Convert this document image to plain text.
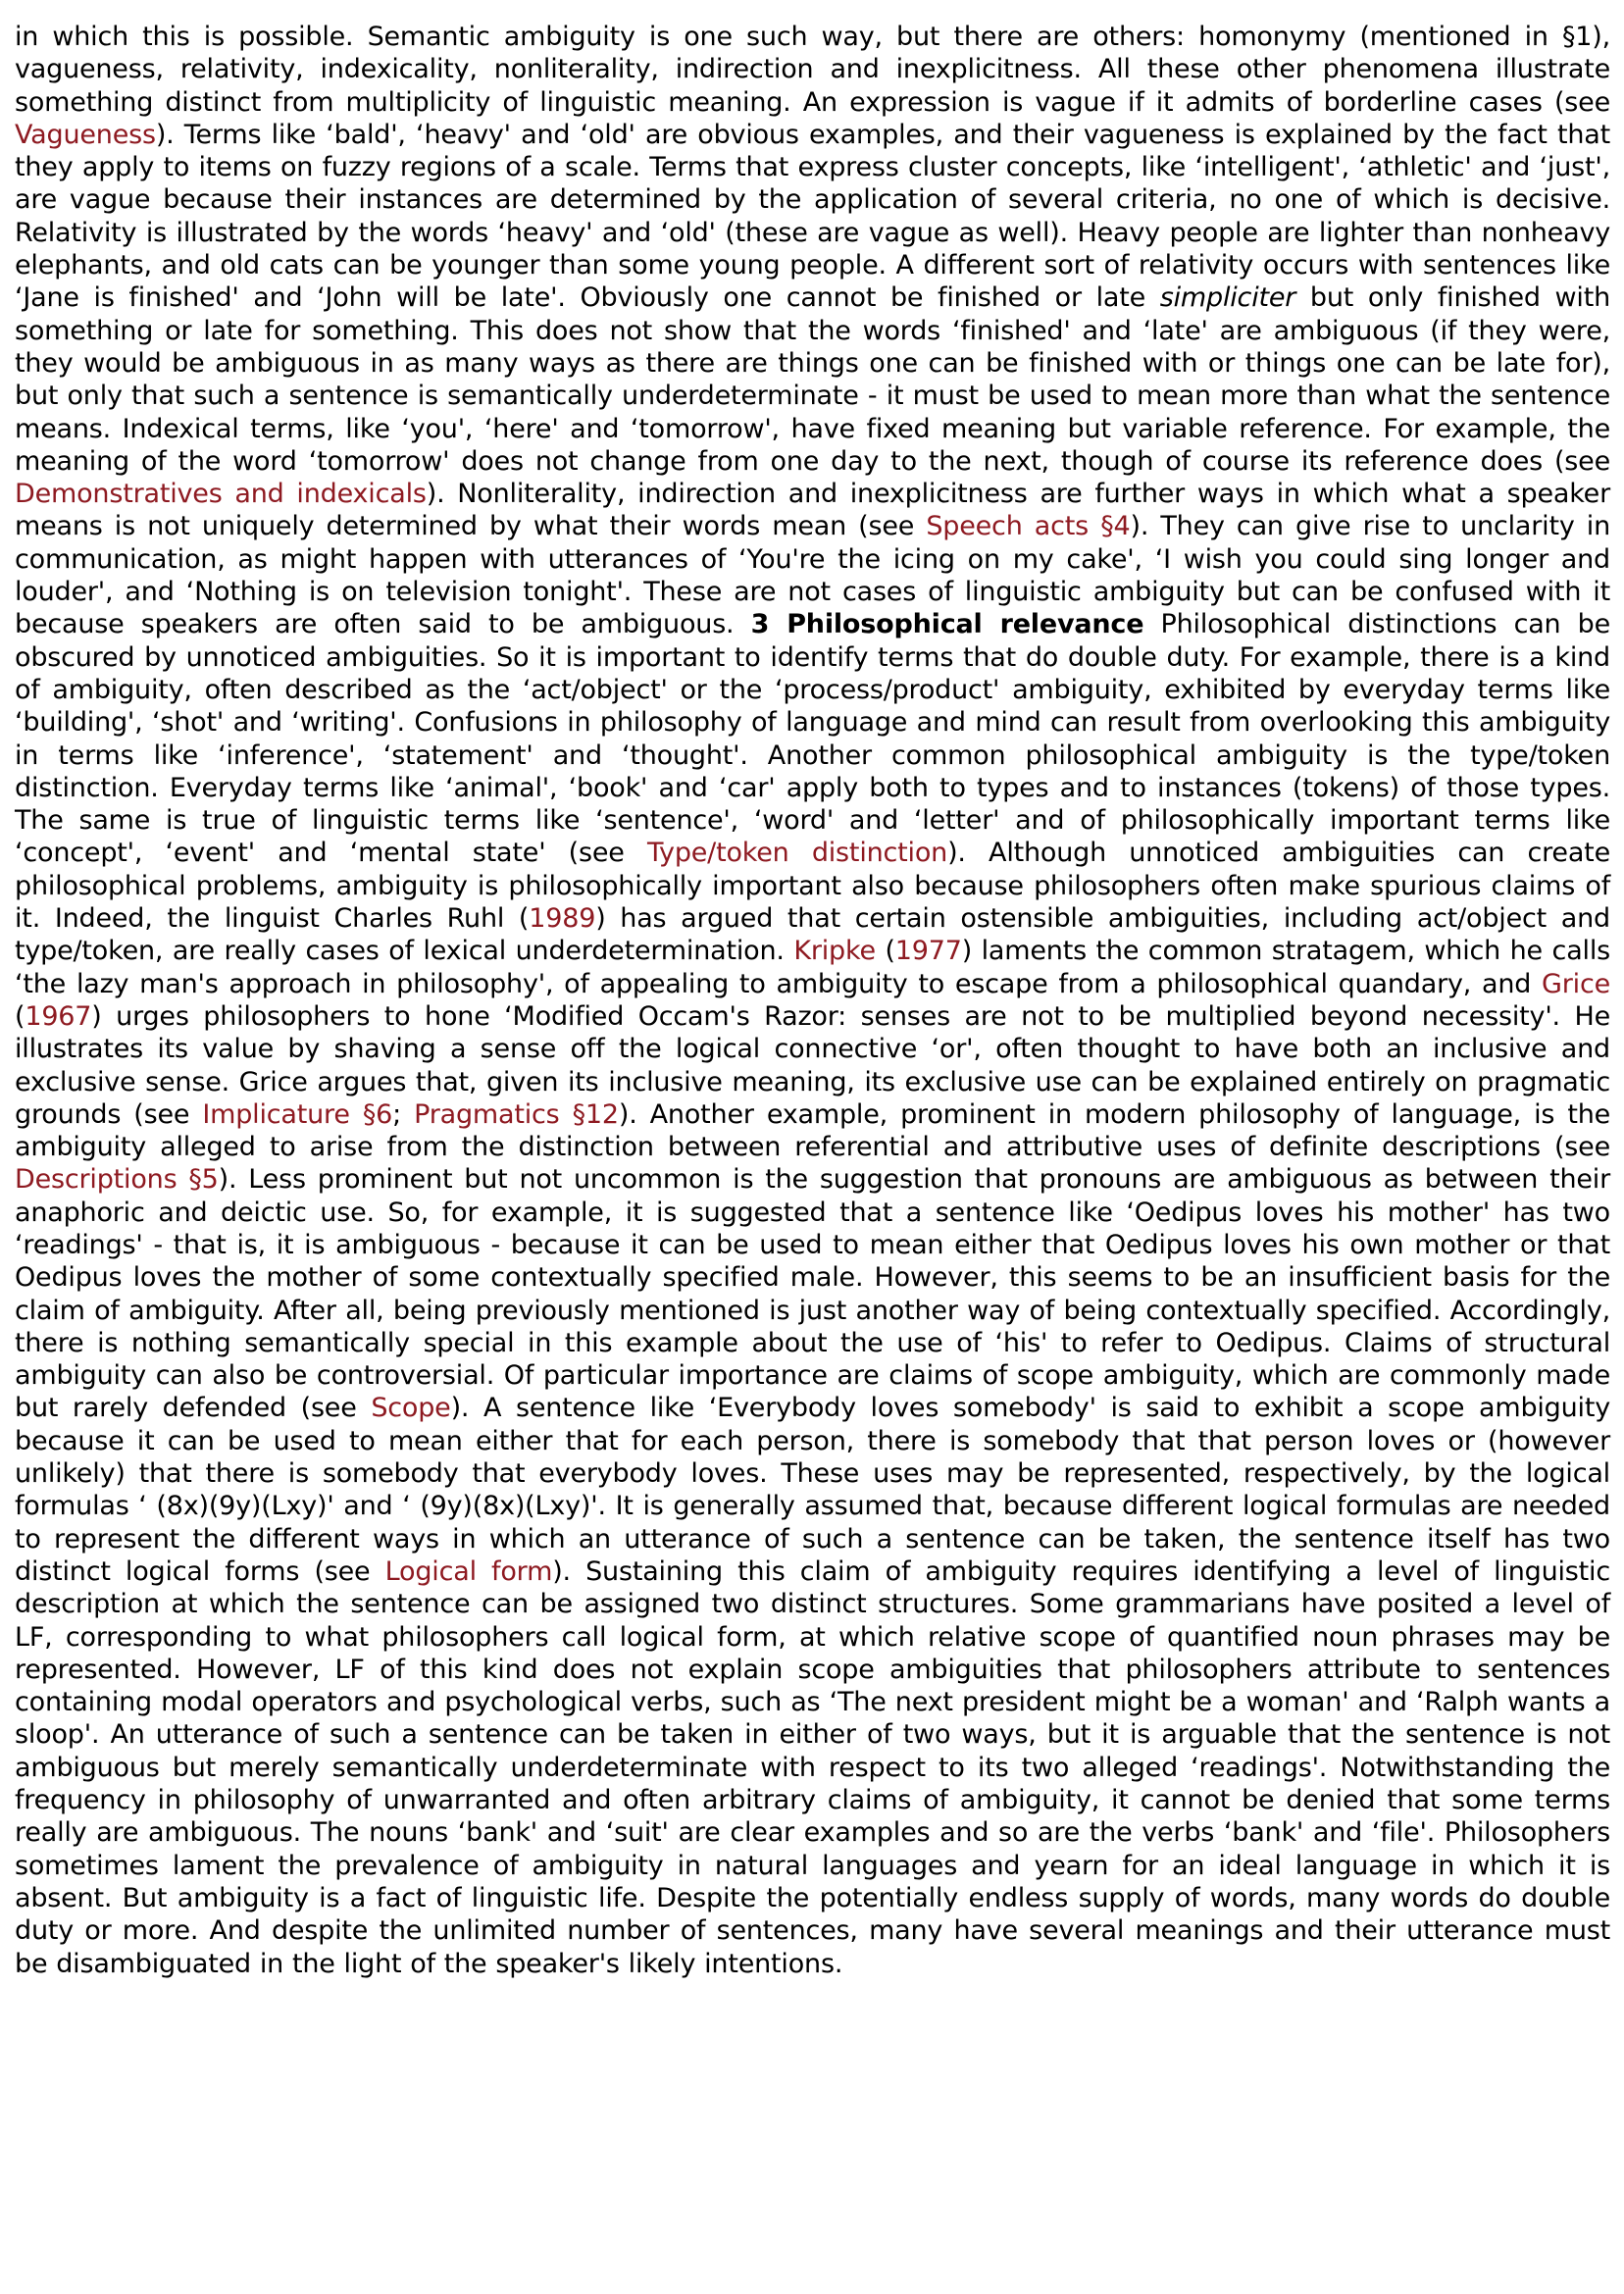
in which this is possible. Semantic ambiguity is one such way, but there are others: homonymy (mentioned in §1), vagueness, relativity, indexicality, nonliterality, indirection and inexplicitness. All these other phenomena illustrate something distinct from multiplicity of linguistic meaning. An expression is vague if it admits of borderline cases (see Vagueness). Terms like ‘bald', ‘heavy' and ‘old' are obvious examples, and their vagueness is explained by the fact that they apply to items on fuzzy regions of a scale. Terms that express cluster concepts, like ‘intelligent', ‘athletic' and ‘just', are vague because their instances are determined by the application of several criteria, no one of which is decisive. Relativity is illustrated by the words ‘heavy' and ‘old' (these are vague as well). Heavy people are lighter than nonheavy elephants, and old cats can be younger than some young people. A different sort of relativity occurs with sentences like ‘Jane is finished' and ‘John will be late'. Obviously one cannot be finished or late simpliciter but only finished with something or late for something. This does not show that the words ‘finished' and ‘late' are ambiguous (if they were, they would be ambiguous in as many ways as there are things one can be finished with or things one can be late for), but only that such a sentence is semantically underdeterminate - it must be used to mean more than what the sentence means. Indexical terms, like ‘you', ‘here' and ‘tomorrow', have fixed meaning but variable reference. For example, the meaning of the word ‘tomorrow' does not change from one day to the next, though of course its reference does (see Demonstratives and indexicals). Nonliterality, indirection and inexplicitness are further ways in which what a speaker means is not uniquely determined by what their words mean (see Speech acts §4). They can give rise to unclarity in communication, as might happen with utterances of ‘You're the icing on my cake', ‘I wish you could sing longer and louder', and ‘Nothing is on television tonight'. These are not cases of linguistic ambiguity but can be confused with it because speakers are often said to be ambiguous. 3 Philosophical relevance Philosophical distinctions can be obscured by unnoticed ambiguities. So it is important to identify terms that do double duty. For example, there is a kind of ambiguity, often described as the ‘act/object' or the ‘process/product' ambiguity, exhibited by everyday terms like ‘building', ‘shot' and ‘writing'. Confusions in philosophy of language and mind can result from overlooking this ambiguity in terms like ‘inference', ‘statement' and ‘thought'. Another common philosophical ambiguity is the type/token distinction. Everyday terms like ‘animal', ‘book' and ‘car' apply both to types and to instances (tokens) of those types. The same is true of linguistic terms like ‘sentence', ‘word' and ‘letter' and of philosophically important terms like ‘concept', ‘event' and ‘mental state' (see Type/token distinction). Although unnoticed ambiguities can create philosophical problems, ambiguity is philosophically important also because philosophers often make spurious claims of it. Indeed, the linguist Charles Ruhl (1989) has argued that certain ostensible ambiguities, including act/object and type/token, are really cases of lexical underdetermination. Kripke (1977) laments the common stratagem, which he calls ‘the lazy man's approach in philosophy', of appealing to ambiguity to escape from a philosophical quandary, and Grice (1967) urges philosophers to hone ‘Modified Occam's Razor: senses are not to be multiplied beyond necessity'. He illustrates its value by shaving a sense off the logical connective ‘or', often thought to have both an inclusive and exclusive sense. Grice argues that, given its inclusive meaning, its exclusive use can be explained entirely on pragmatic grounds (see Implicature §6; Pragmatics §12). Another example, prominent in modern philosophy of language, is the ambiguity alleged to arise from the distinction between referential and attributive uses of definite descriptions (see Descriptions §5). Less prominent but not uncommon is the suggestion that pronouns are ambiguous as between their anaphoric and deictic use. So, for example, it is suggested that a sentence like ‘Oedipus loves his mother' has two ‘readings' - that is, it is ambiguous - because it can be used to mean either that Oedipus loves his own mother or that Oedipus loves the mother of some contextually specified male. However, this seems to be an insufficient basis for the claim of ambiguity. After all, being previously mentioned is just another way of being contextually specified. Accordingly, there is nothing semantically special in this example about the use of ‘his' to refer to Oedipus. Claims of structural ambiguity can also be controversial. Of particular importance are claims of scope ambiguity, which are commonly made but rarely defended (see Scope). A sentence like ‘Everybody loves somebody' is said to exhibit a scope ambiguity because it can be used to mean either that for each person, there is somebody that that person loves or (however unlikely) that there is somebody that everybody loves. These uses may be represented, respectively, by the logical formulas ‘ (8x)(9y)(Lxy)' and ‘ (9y)(8x)(Lxy)'. It is generally assumed that, because different logical formulas are needed to represent the different ways in which an utterance of such a sentence can be taken, the sentence itself has two distinct logical forms (see Logical form). Sustaining this claim of ambiguity requires identifying a level of linguistic description at which the sentence can be assigned two distinct structures. Some grammarians have posited a level of LF, corresponding to what philosophers call logical form, at which relative scope of quantified noun phrases may be represented. However, LF of this kind does not explain scope ambiguities that philosophers attribute to sentences containing modal operators and psychological verbs, such as ‘The next president might be a woman' and ‘Ralph wants a sloop'. An utterance of such a sentence can be taken in either of two ways, but it is arguable that the sentence is not ambiguous but merely semantically underdeterminate with respect to its two alleged ‘readings'. Notwithstanding the frequency in philosophy of unwarranted and often arbitrary claims of ambiguity, it cannot be denied that some terms really are ambiguous. The nouns ‘bank' and ‘suit' are clear examples and so are the verbs ‘bank' and ‘file'. Philosophers sometimes lament the prevalence of ambiguity in natural languages and yearn for an ideal language in which it is absent. But ambiguity is a fact of linguistic life. Despite the potentially endless supply of words, many words do double duty or more. And despite the unlimited number of sentences, many have several meanings and their utterance must be disambiguated in the light of the speaker's likely intentions.
